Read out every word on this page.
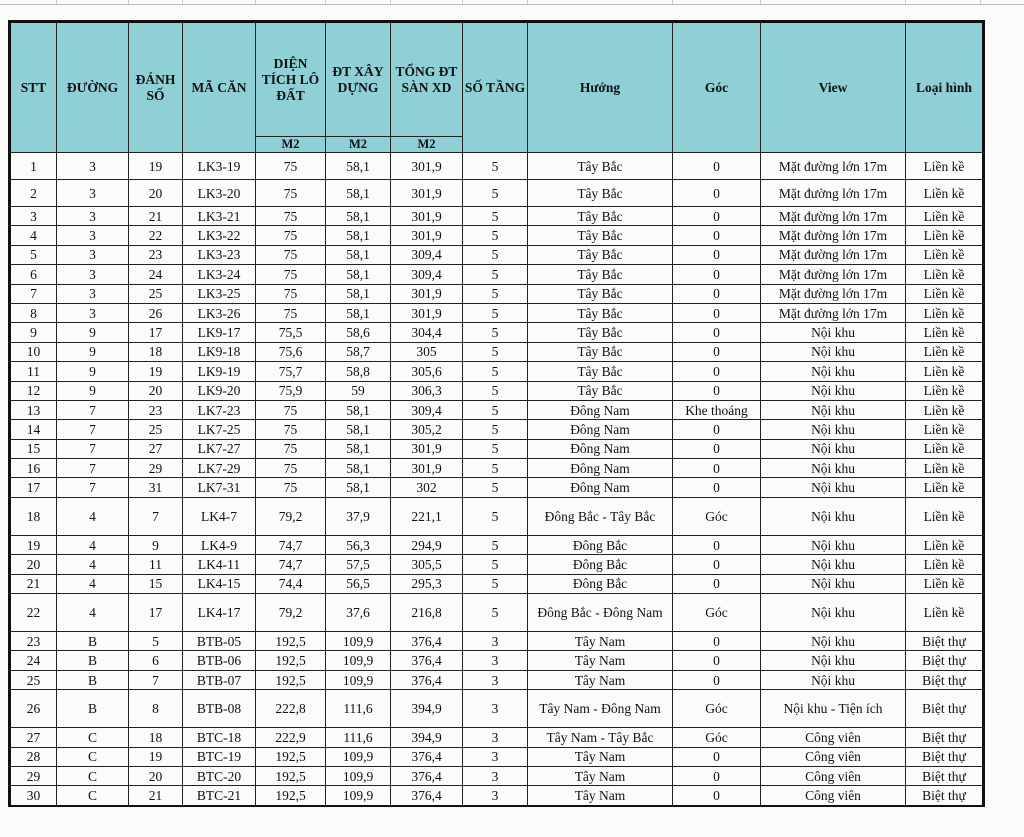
STT	ĐƯỜNG	ĐÁNH SỐ	MÃ CĂN	DIỆN TÍCH LÔ ĐẤT	ĐT XÂY DỰNG	TỔNG ĐT SÀN XD	SỐ TẦNG	Hướng	Góc	View	Loại hình
				M2	M2	M2					
1	3	19	LK3-19	75	58,1	301,9	5	Tây Bắc	0	Mặt đường lớn 17m	Liền kề
2	3	20	LK3-20	75	58,1	301,9	5	Tây Bắc	0	Mặt đường lớn 17m	Liền kề
3	3	21	LK3-21	75	58,1	301,9	5	Tây Bắc	0	Mặt đường lớn 17m	Liền kề
4	3	22	LK3-22	75	58,1	301,9	5	Tây Bắc	0	Mặt đường lớn 17m	Liền kề
5	3	23	LK3-23	75	58,1	309,4	5	Tây Bắc	0	Mặt đường lớn 17m	Liền kề
6	3	24	LK3-24	75	58,1	309,4	5	Tây Bắc	0	Mặt đường lớn 17m	Liền kề
7	3	25	LK3-25	75	58,1	301,9	5	Tây Bắc	0	Mặt đường lớn 17m	Liền kề
8	3	26	LK3-26	75	58,1	301,9	5	Tây Bắc	0	Mặt đường lớn 17m	Liền kề
9	9	17	LK9-17	75,5	58,6	304,4	5	Tây Bắc	0	Nội khu	Liền kề
10	9	18	LK9-18	75,6	58,7	305	5	Tây Bắc	0	Nội khu	Liền kề
11	9	19	LK9-19	75,7	58,8	305,6	5	Tây Bắc	0	Nội khu	Liền kề
12	9	20	LK9-20	75,9	59	306,3	5	Tây Bắc	0	Nội khu	Liền kề
13	7	23	LK7-23	75	58,1	309,4	5	Đông Nam	Khe thoáng	Nội khu	Liền kề
14	7	25	LK7-25	75	58,1	305,2	5	Đông Nam	0	Nội khu	Liền kề
15	7	27	LK7-27	75	58,1	301,9	5	Đông Nam	0	Nội khu	Liền kề
16	7	29	LK7-29	75	58,1	301,9	5	Đông Nam	0	Nội khu	Liền kề
17	7	31	LK7-31	75	58,1	302	5	Đông Nam	0	Nội khu	Liền kề
18	4	7	LK4-7	79,2	37,9	221,1	5	Đông Bắc - Tây Bắc	Góc	Nội khu	Liền kề
19	4	9	LK4-9	74,7	56,3	294,9	5	Đông Bắc	0	Nội khu	Liền kề
20	4	11	LK4-11	74,7	57,5	305,5	5	Đông Bắc	0	Nội khu	Liền kề
21	4	15	LK4-15	74,4	56,5	295,3	5	Đông Bắc	0	Nội khu	Liền kề
22	4	17	LK4-17	79,2	37,6	216,8	5	Đông Bắc - Đông Nam	Góc	Nội khu	Liền kề
23	B	5	BTB-05	192,5	109,9	376,4	3	Tây Nam	0	Nội khu	Biệt thự
24	B	6	BTB-06	192,5	109,9	376,4	3	Tây Nam	0	Nội khu	Biệt thự
25	B	7	BTB-07	192,5	109,9	376,4	3	Tây Nam	0	Nội khu	Biệt thự
26	B	8	BTB-08	222,8	111,6	394,9	3	Tây Nam - Đông Nam	Góc	Nội khu - Tiện ích	Biệt thự
27	C	18	BTC-18	222,9	111,6	394,9	3	Tây Nam - Tây Bắc	Góc	Công viên	Biệt thự
28	C	19	BTC-19	192,5	109,9	376,4	3	Tây Nam	0	Công viên	Biệt thự
29	C	20	BTC-20	192,5	109,9	376,4	3	Tây Nam	0	Công viên	Biệt thự
30	C	21	BTC-21	192,5	109,9	376,4	3	Tây Nam	0	Công viên	Biệt thự
